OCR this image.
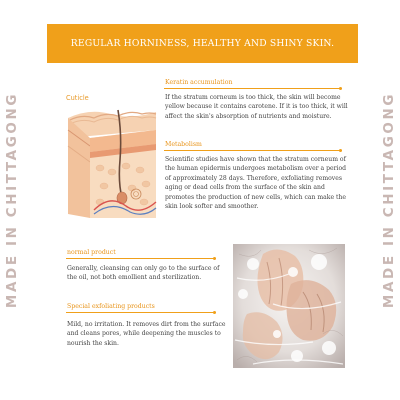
MADE IN CHITTAGONG	MADE IN CHITTAGONG
REGULAR HORNINESS, HEALTHY AND SHINY SKIN.
Cuticle
Keratin accumulation

If the stratum corneum is too thick, the skin will become yellow because it contains carotene. If it is too thick, it will affect the skin's absorption of nutrients and moisture.

Metabolism

Scientific studies have shown that the stratum corneum of the human epidermis undergoes metabolism over a period of approximately 28 days. Therefore, exfoliating removes aging or dead cells from the surface of the skin and promotes the production of new cells, which can make the skin look softer and smoother.

normal product

Generally, cleansing can only go to the surface of the oil, not both emollient and sterilization.

Special exfoliating products

Mild, no irritation. It removes dirt from the surface and cleans pores, while deepening the muscles to nourish the skin.
